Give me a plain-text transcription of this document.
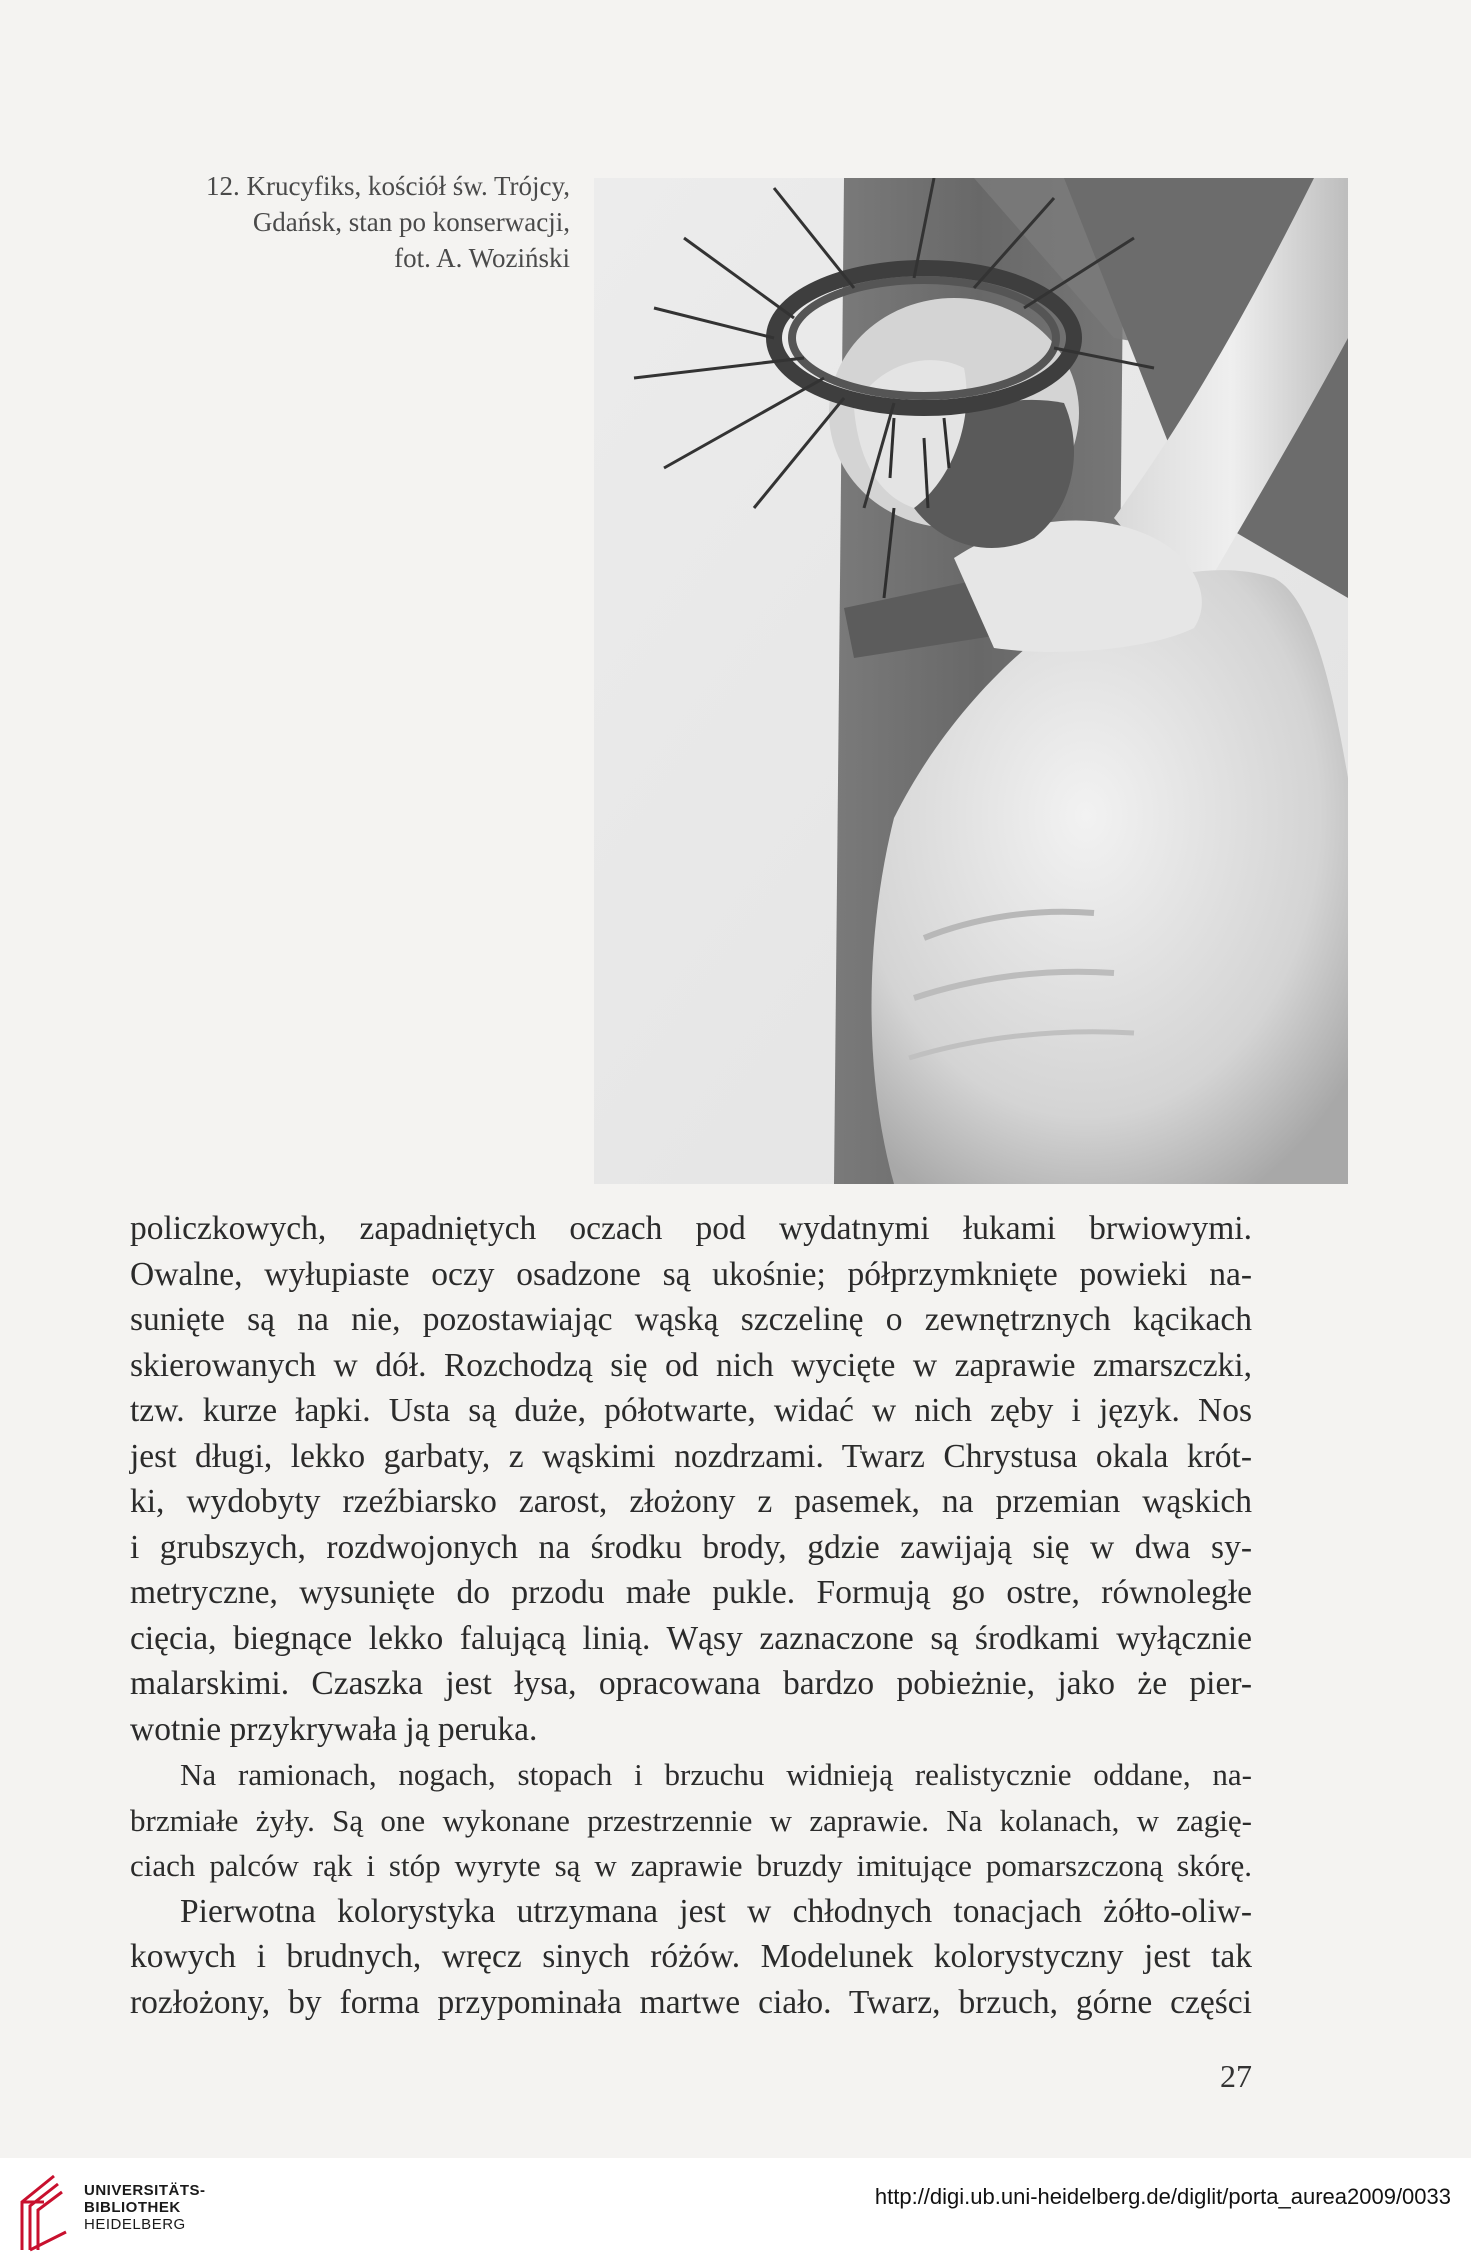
12. Krucyfiks, kościół św. Trójcy,
Gdańsk, stan po konserwacji,
fot. A. Woziński
policzkowych, zapadniętych oczach pod wydatnymi łukami brwiowymi.
Owalne, wyłupiaste oczy osadzone są ukośnie; półprzymknięte powieki na-
sunięte są na nie, pozostawiając wąską szczelinę o zewnętrznych kącikach
skierowanych w dół. Rozchodzą się od nich wycięte w zaprawie zmarszczki,
tzw. kurze łapki. Usta są duże, półotwarte, widać w nich zęby i język. Nos
jest długi, lekko garbaty, z wąskimi nozdrzami. Twarz Chrystusa okala krót-
ki, wydobyty rzeźbiarsko zarost, złożony z pasemek, na przemian wąskich
i grubszych, rozdwojonych na środku brody, gdzie zawijają się w dwa sy-
metryczne, wysunięte do przodu małe pukle. Formują go ostre, równoległe
cięcia, biegnące lekko falującą linią. Wąsy zaznaczone są środkami wyłącznie
malarskimi. Czaszka jest łysa, opracowana bardzo pobieżnie, jako że pier-
wotnie przykrywała ją peruka.
Na ramionach, nogach, stopach i brzuchu widnieją realistycznie oddane, na-
brzmiałe żyły. Są one wykonane przestrzennie w zaprawie. Na kolanach, w zagię-
ciach palców rąk i stóp wyryte są w zaprawie bruzdy imitujące pomarszczoną skórę.
Pierwotna kolorystyka utrzymana jest w chłodnych tonacjach żółto-oliw-
kowych i brudnych, wręcz sinych różów. Modelunek kolorystyczny jest tak
rozłożony, by forma przypominała martwe ciało. Twarz, brzuch, górne części
27
UNIVERSITÄTS-
BIBLIOTHEK
HEIDELBERG
http://digi.ub.uni-heidelberg.de/diglit/porta_aurea2009/0033
